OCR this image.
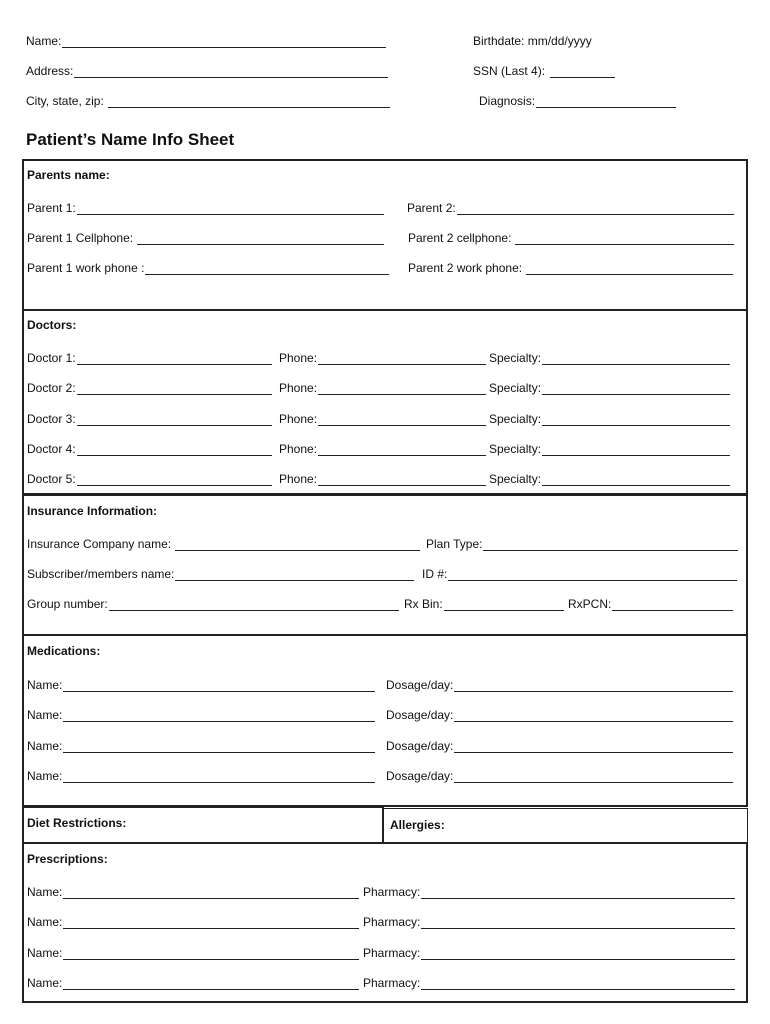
Name:	Birthdate: mm/dd/yyyy
Address:	SSN (Last 4):
City, state, zip:	Diagnosis:
Patient’s Name Info Sheet
Parents name:
Parent 1:	Parent 2:
Parent 1 Cellphone:	Parent 2 cellphone:
Parent 1 work phone :	Parent 2 work phone:
Doctors:
Doctor 1:	Phone:	Specialty:
Doctor 2:	Phone:	Specialty:
Doctor 3:	Phone:	Specialty:
Doctor 4:	Phone:	Specialty:
Doctor 5:	Phone:	Specialty:
Insurance Information:
Insurance Company name:	Plan Type:
Subscriber/members name:	ID #:
Group number:	Rx Bin:	RxPCN:
Medications:
Name:	Dosage/day:
Name:	Dosage/day:
Name:	Dosage/day:
Name:	Dosage/day:
Diet Restrictions:	Allergies:
Prescriptions:
Name:	Pharmacy:
Name:	Pharmacy:
Name:	Pharmacy:
Name:	Pharmacy:
